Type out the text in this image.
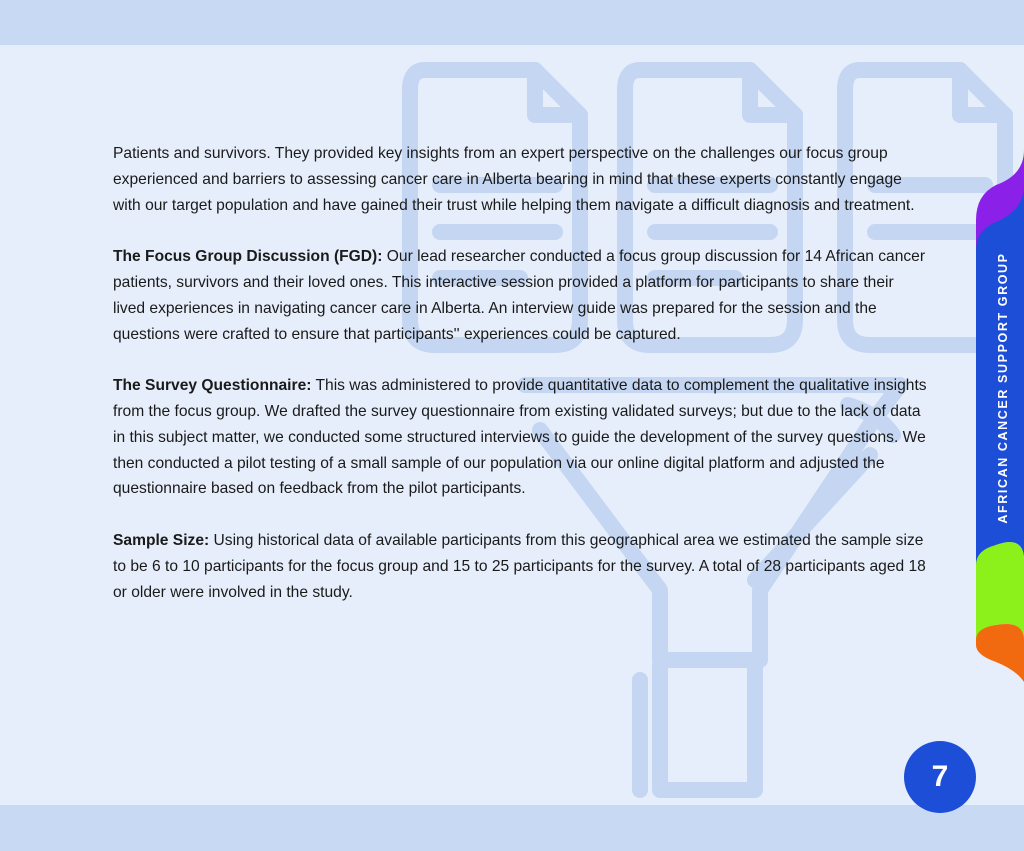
Patients and survivors. They provided key insights from an expert perspective on the challenges our focus group experienced and barriers to assessing cancer care in Alberta bearing in mind that these experts constantly engage with our target population and have gained their trust while helping them navigate a difficult diagnosis and treatment.

The Focus Group Discussion (FGD): Our lead researcher conducted a focus group discussion for 14 African cancer patients, survivors and their loved ones. This interactive session provided a platform for participants to share their lived experiences in navigating cancer care in Alberta. An interview guide was prepared for the session and the questions were crafted to ensure that participants'' experiences could be captured.

The Survey Questionnaire: This was administered to provide quantitative data to complement the qualitative insights from the focus group. We drafted the survey questionnaire from existing validated surveys; but due to the lack of data in this subject matter, we conducted some structured interviews to guide the development of the survey questions. We then conducted a pilot testing of a small sample of our population via our online digital platform and adjusted the questionnaire based on feedback from the pilot participants.

Sample Size: Using historical data of available participants from this geographical area we estimated the sample size to be 6 to 10 participants for the focus group and 15 to 25 participants for the survey. A total of 28 participants aged 18 or older were involved in the study.

AFRICAN CANCER SUPPORT GROUP
7
